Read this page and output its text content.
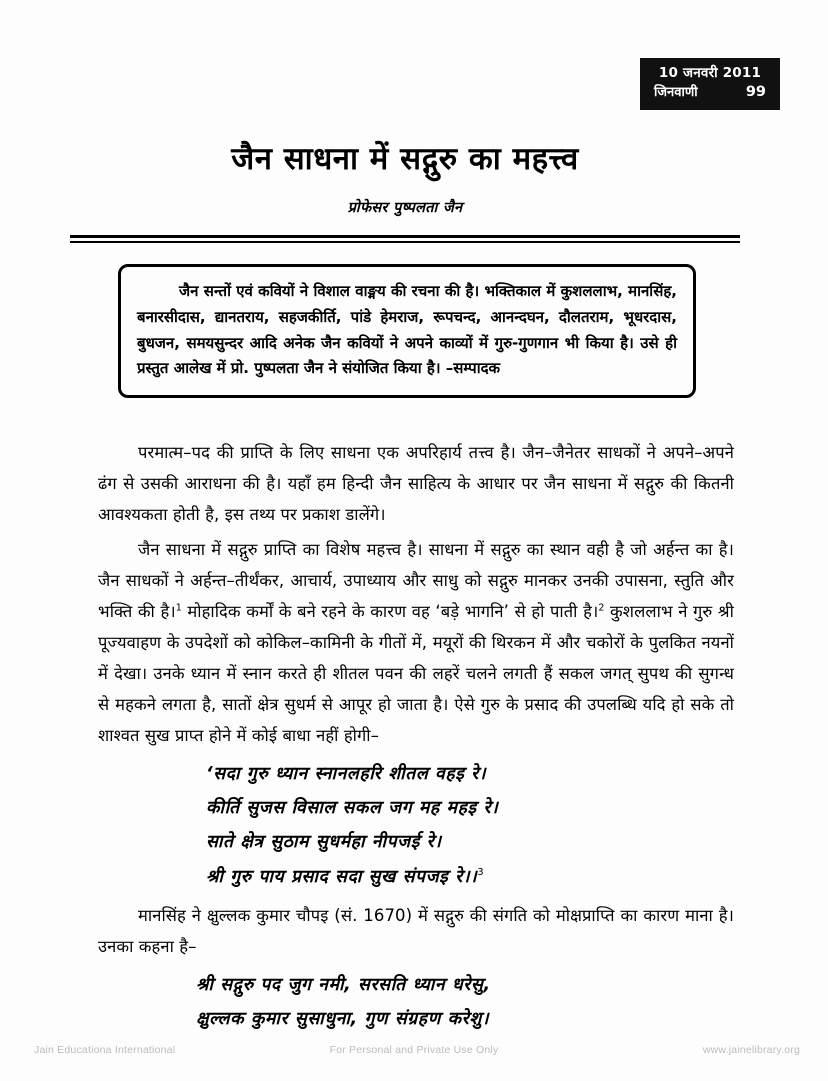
10 जनवरी 2011
जिनवाणी	99
जैन साधना में सद्गुरु का महत्त्व
प्रोफेसर पुष्पलता जैन

जैन सन्तों एवं कवियों ने विशाल वाङ्मय की रचना की है। भक्तिकाल में कुशललाभ, मानसिंह, बनारसीदास, द्यानतराय, सहजकीर्ति, पांडे हेमराज, रूपचन्द, आनन्दघन, दौलतराम, भूधरदास, बुधजन, समयसुन्दर आदि अनेक जैन कवियों ने अपने काव्यों में गुरु-गुणगान भी किया है। उसे ही प्रस्तुत आलेख में प्रो. पुष्पलता जैन ने संयोजित किया है। –सम्पादक

परमात्म–पद की प्राप्ति के लिए साधना एक अपरिहार्य तत्त्व है। जैन–जैनेतर साधकों ने अपने–अपने ढंग से उसकी आराधना की है। यहाँ हम हिन्दी जैन साहित्य के आधार पर जैन साधना में सद्गुरु की कितनी आवश्यकता होती है, इस तथ्य पर प्रकाश डालेंगे।

जैन साधना में सद्गुरु प्राप्ति का विशेष महत्त्व है। साधना में सद्गुरु का स्थान वही है जो अर्हन्त का है। जैन साधकों ने अर्हन्त–तीर्थंकर, आचार्य, उपाध्याय और साधु को सद्गुरु मानकर उनकी उपासना, स्तुति और भक्ति की है।$^1$ मोहादिक कर्मों के बने रहने के कारण वह ‘बड़े भागनि’ से हो पाती है।$^2$ कुशललाभ ने गुरु श्री पूज्यवाहण के उपदेशों को कोकिल–कामिनी के गीतों में, मयूरों की थिरकन में और चकोरों के पुलकित नयनों में देखा। उनके ध्यान में स्नान करते ही शीतल पवन की लहरें चलने लगती हैं सकल जगत् सुपथ की सुगन्ध से महकने लगता है, सातों क्षेत्र सुधर्म से आपूर हो जाता है। ऐसे गुरु के प्रसाद की उपलब्धि यदि हो सके तो शाश्वत सुख प्राप्त होने में कोई बाधा नहीं होगी–

‘सदा गुरु ध्यान स्नानलहरि शीतल वहइ रे।
कीर्ति सुजस विसाल सकल जग मह महइ रे।
साते क्षेत्र सुठाम सुधर्महा नीपजई रे।
श्री गुरु पाय प्रसाद सदा सुख संपजइ रे।।$^3$

मानसिंह ने क्षुल्लक कुमार चौपइ (सं. 1670) में सद्गुरु की संगति को मोक्षप्राप्ति का कारण माना है। उनका कहना है–

श्री सद्गुरु पद जुग नमी, सरसति ध्यान धरेसु,
क्षुल्लक कुमार सुसाधुना, गुण संग्रहण करेशु।
Jain Educationa International	For Personal and Private Use Only	www.jainelibrary.org
